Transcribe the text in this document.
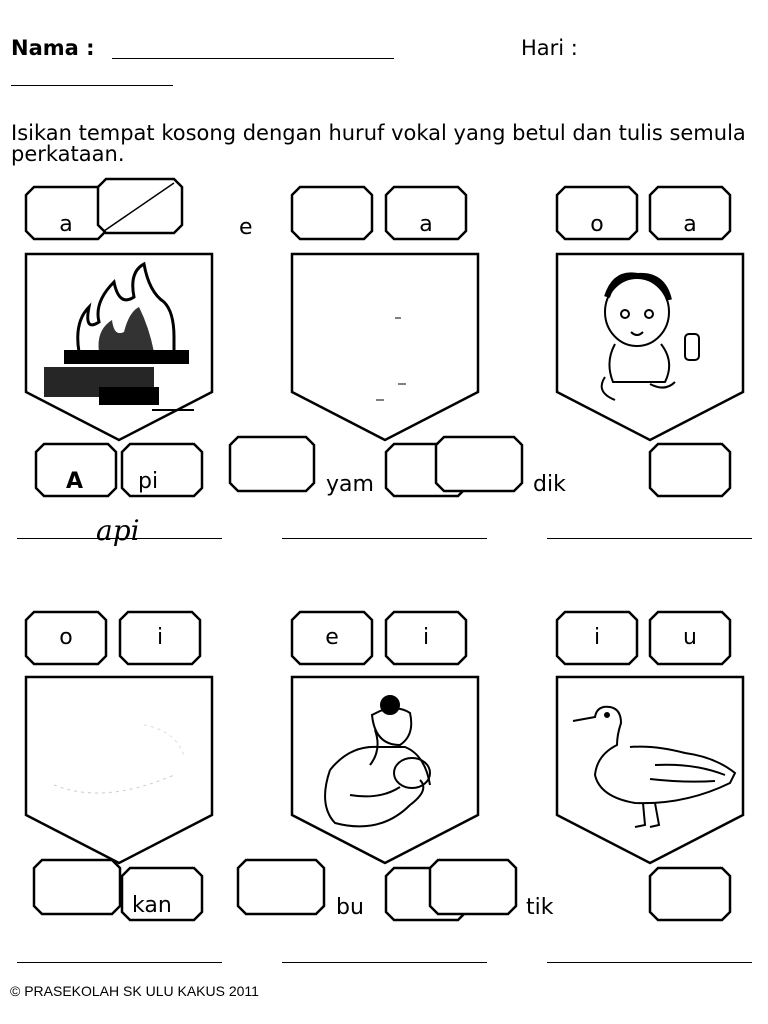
Nama :	Hari :
Isikan tempat kosong dengan huruf vokal yang betul dan tulis semula perkataan.
a	e	a	o	a
A	pi	yam	dik
api
o	i	e	i	i	u
kan	bu	tik
© PRASEKOLAH SK ULU KAKUS 2011
